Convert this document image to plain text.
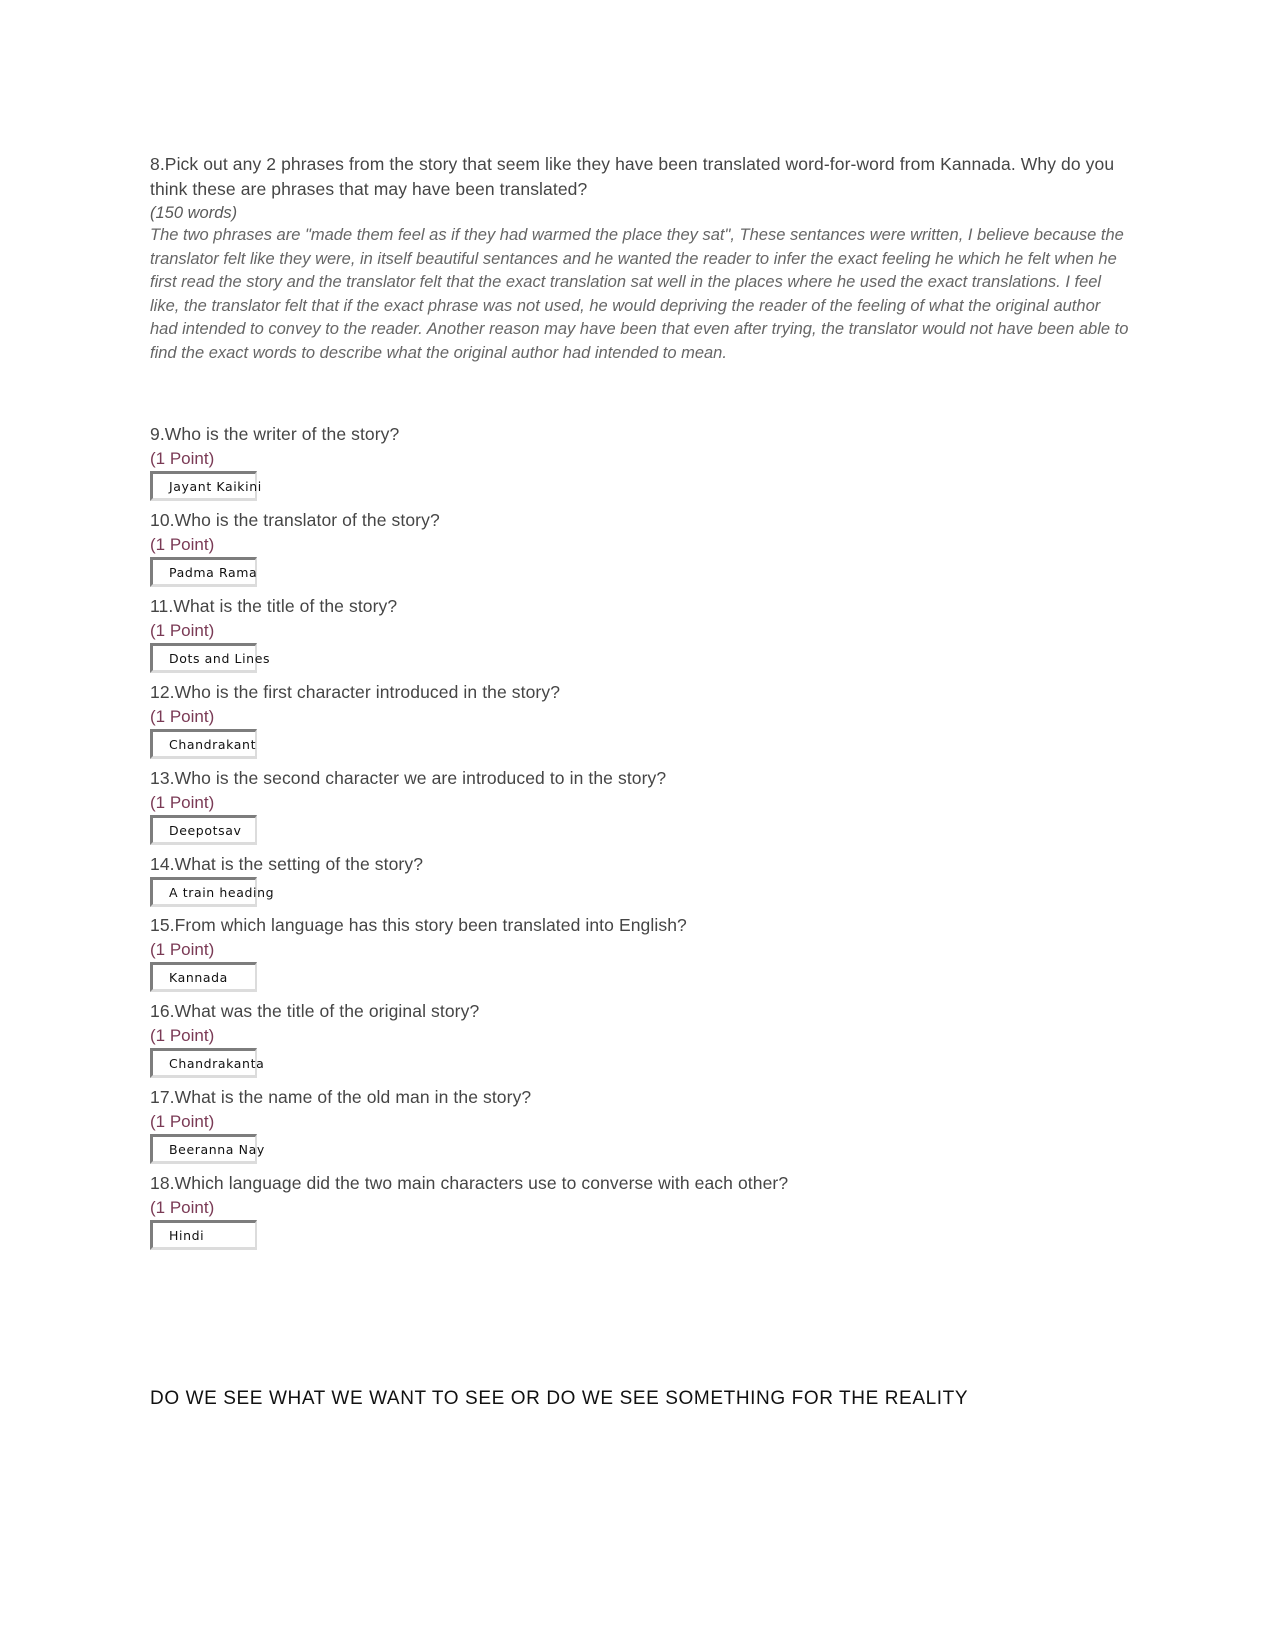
8.Pick out any 2 phrases from the story that seem like they have been translated word-for-word from Kannada. Why do you think these are phrases that may have been translated?

(150 words)

The two phrases are "made them feel as if they had warmed the place they sat", These sentances were written, I believe because the translator felt like they were, in itself beautiful sentances and he wanted the reader to infer the exact feeling he which he felt when he first read the story and the translator felt that the exact translation sat well in the places where he used the exact translations. I feel like, the translator felt that if the exact phrase was not used, he would depriving the reader of the feeling of what the original author had intended to convey to the reader. Another reason may have been that even after trying, the translator would not have been able to find the exact words to describe what the original author had intended to mean.

9.Who is the writer of the story?

(1 Point)

Jayant Kaikini

10.Who is the translator of the story?

(1 Point)

Padma Rama

11.What is the title of the story?

(1 Point)

Dots and Lines

12.Who is the first character introduced in the story?

(1 Point)

Chandrakant

13.Who is the second character we are introduced to in the story?

(1 Point)

Deepotsav

14.What is the setting of the story?

A train heading

15.From which language has this story been translated into English?

(1 Point)

Kannada

16.What was the title of the original story?

(1 Point)

Chandrakanta

17.What is the name of the old man in the story?

(1 Point)

Beeranna Nay

18.Which language did the two main characters use to converse with each other?

(1 Point)

Hindi

DO WE SEE WHAT WE WANT TO SEE OR DO WE SEE SOMETHING FOR THE REALITY
